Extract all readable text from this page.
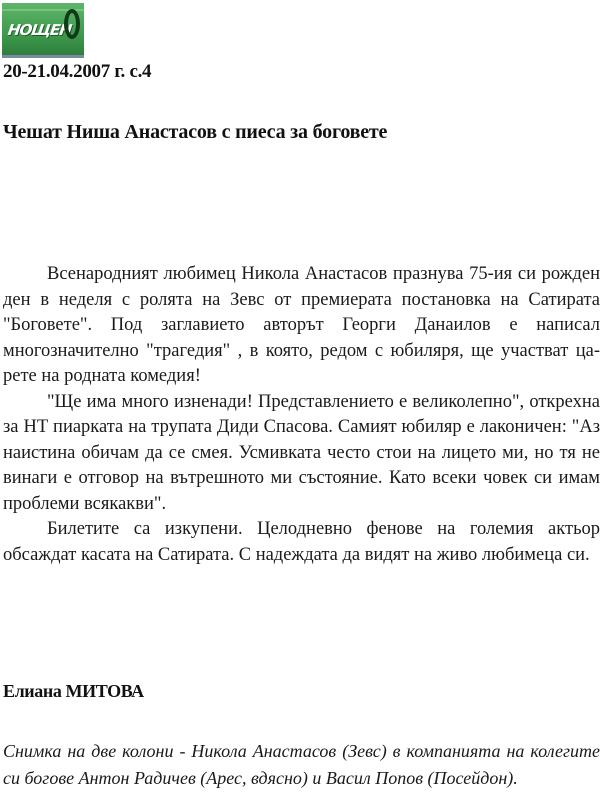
НОЩЕН
20-21.04.2007 г. с.4
Чешат Ниша Анастасов с пиеса за боговете

Всенародният любимец Никола Анастасов празнува 75-ия си рожден ден в неделя с ролята на Зевс от премиерата постановка на Сатирата "Боговете". Под заглавието авторът Георги Данаилов е написал многозначително "трагедия" , в която, редом с юбиляря, ще участват ца-рете на родната комедия!

"Ще има много изненади! Представлението е великолепно", открехна за НТ пиарката на трупата Диди Спасова. Самият юбиляр е лаконичен: "Аз наистина обичам да се смея. Усмивката често стои на лицето ми, но тя не винаги е отговор на вътрешното ми състояние. Като всеки човек си имам проблеми всякакви".

Билетите са изкупени. Целодневно фенове на големия актьор обсаждат касата на Сатирата. С надеждата да видят на живо любимеца си.

Елиана МИТОВА
Снимка на две колони - Никола Анастасов (Зевс) в компанията на колегите си богове Антон Радичев (Арес, вдясно) и Васил Попов (Посейдон).
